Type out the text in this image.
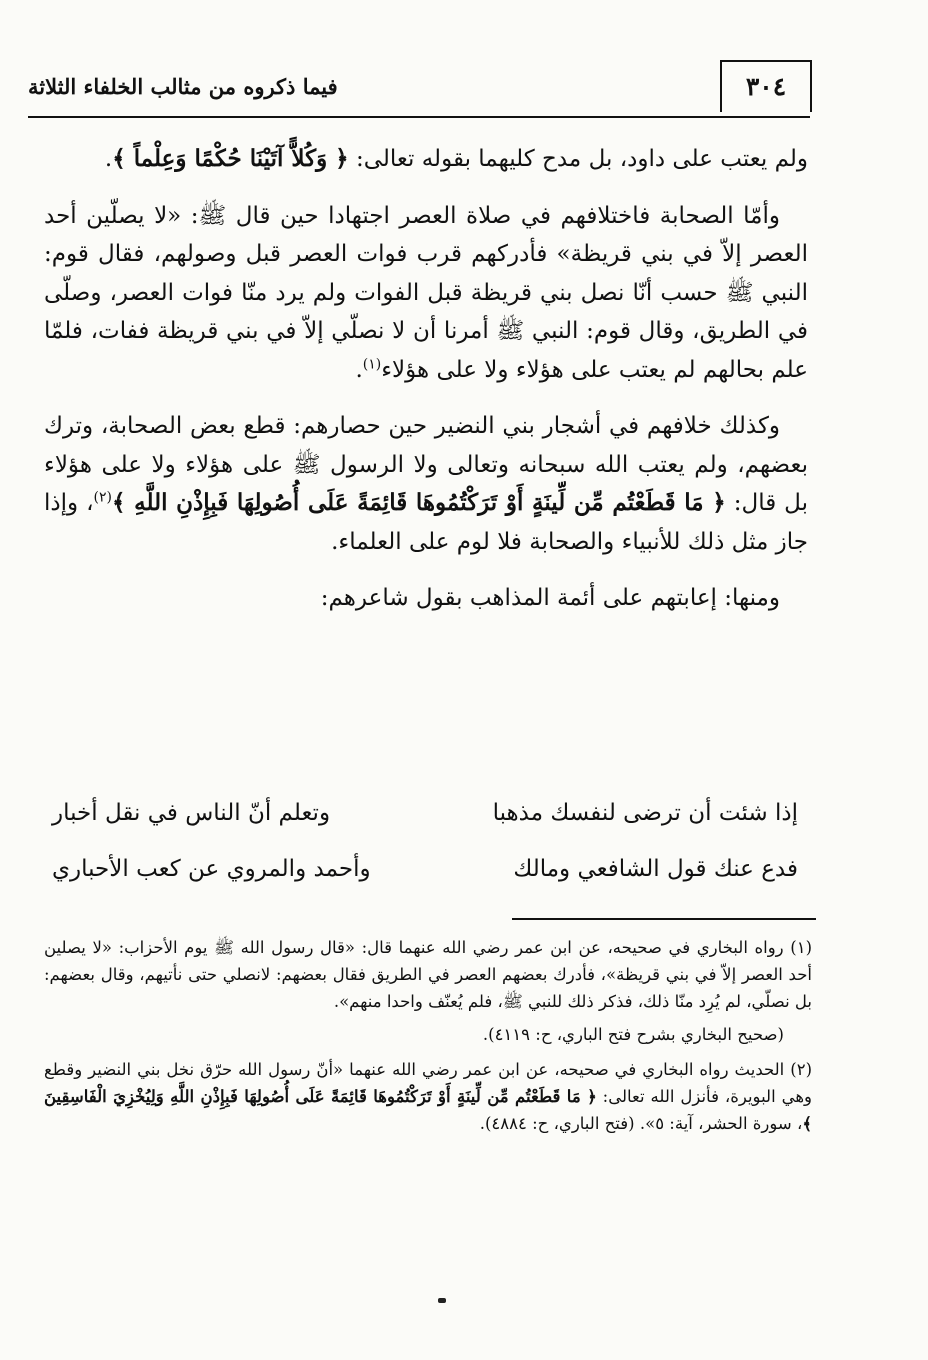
٣٠٤
فيما ذكروه من مثالب الخلفاء الثلاثة

ولم يعتب على داود، بل مدح كليهما بقوله تعالى: ﴿ وَكُلاًّ آتَيْنَا حُكْمًا وَعِلْماً ﴾.

وأمّا الصحابة فاختلافهم في صلاة العصر اجتهادا حين قال ﷺ: «لا يصلّين أحد العصر إلاّ في بني قريظة» فأدركهم قرب فوات العصر قبل وصولهم، فقال قوم: النبي ﷺ حسب أنّا نصل بني قريظة قبل الفوات ولم يرد منّا فوات العصر، وصلّى في الطريق، وقال قوم: النبي ﷺ أمرنا أن لا نصلّي إلاّ في بني قريظة ففات، فلمّا علم بحالهم لم يعتب على هؤلاء ولا على هؤلاء$^{(١)}$.

وكذلك خلافهم في أشجار بني النضير حين حصارهم: قطع بعض الصحابة، وترك بعضهم، ولم يعتب الله سبحانه وتعالى ولا الرسول ﷺ على هؤلاء ولا على هؤلاء بل قال: ﴿ مَا قَطَعْتُم مِّن لِّينَةٍ أَوْ تَرَكْتُمُوهَا قَائِمَةً عَلَى أُصُولِهَا فَبِإِذْنِ اللَّهِ ﴾$^{(٢)}$، وإذا جاز مثل ذلك للأنبياء والصحابة فلا لوم على العلماء.

ومنها: إعابتهم على أئمة المذاهب بقول شاعرهم:

إذا شئت أن ترضى لنفسك مذهبا
وتعلم أنّ الناس في نقل أخبار
فدع عنك قول الشافعي ومالك
وأحمد والمروي عن كعب الأحباري

(١) رواه البخاري في صحيحه، عن ابن عمر رضي الله عنهما قال: «قال رسول الله ﷺ يوم الأحزاب: «لا يصلين أحد العصر إلاّ في بني قريظة»، فأدرك بعضهم العصر في الطريق فقال بعضهم: لانصلي حتى نأتيهم، وقال بعضهم: بل نصلّي، لم يُرِد منّا ذلك، فذكر ذلك للنبي ﷺ، فلم يُعنّف واحدا منهم».

(صحيح البخاري بشرح فتح الباري، ح: ٤١١٩).

(٢) الحديث رواه البخاري في صحيحه، عن ابن عمر رضي الله عنهما «أنّ رسول الله حرّق نخل بني النضير وقطع وهي البويرة، فأنزل الله تعالى: ﴿ مَا قَطَعْتُم مِّن لِّينَةٍ أَوْ تَرَكْتُمُوهَا قَائِمَةً عَلَى أُصُولِهَا فَبِإِذْنِ اللَّهِ وَلِيُخْزِيَ الْفَاسِقِينَ ﴾، سورة الحشر، آية: ٥». (فتح الباري، ح: ٤٨٨٤).
